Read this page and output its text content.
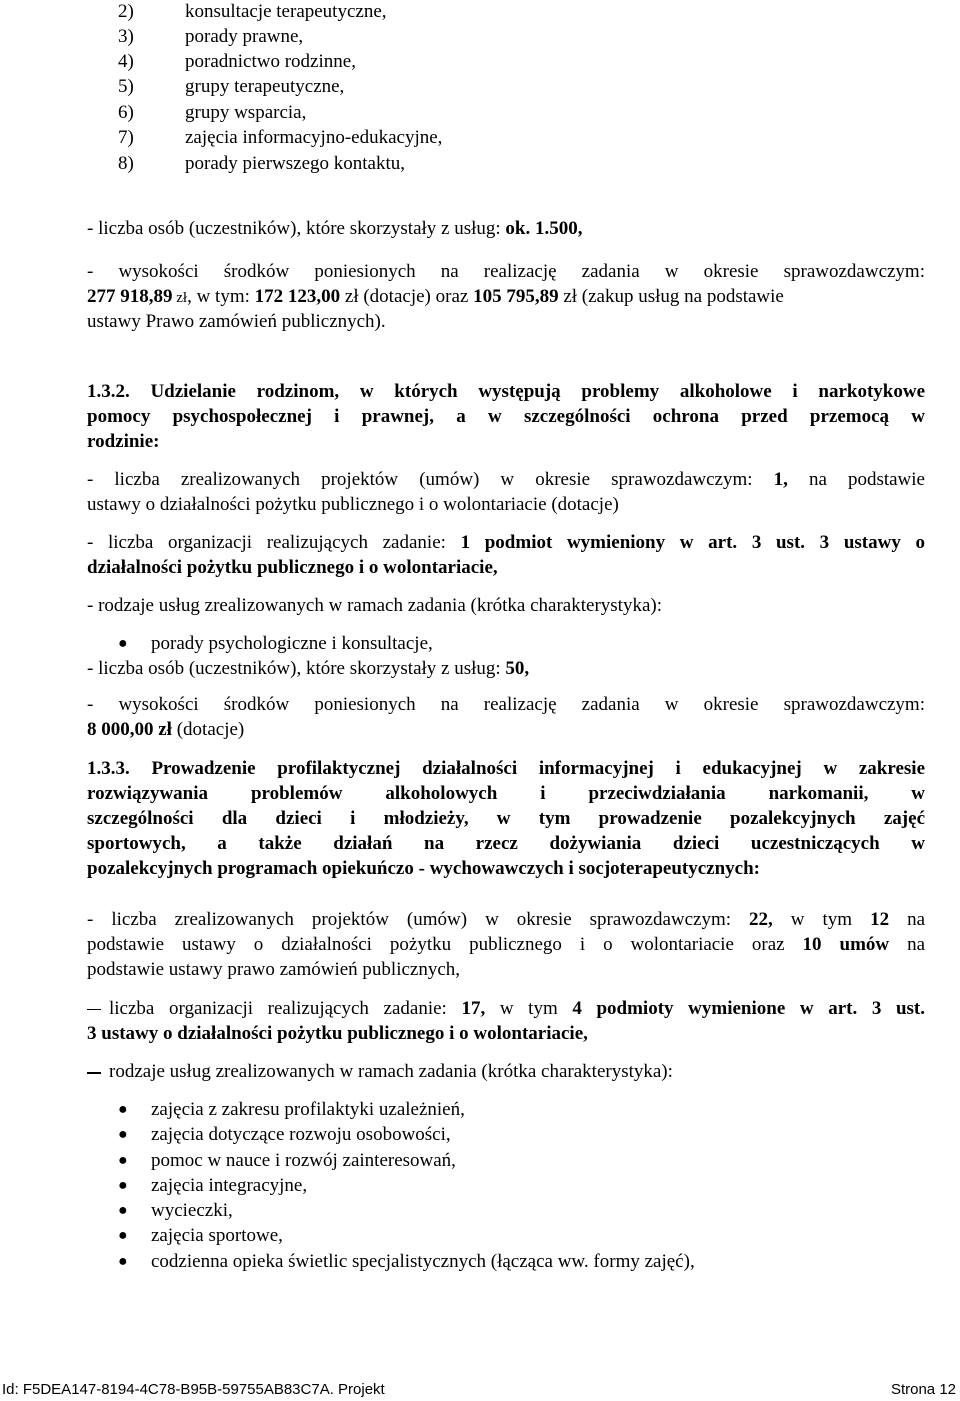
2)	konsultacje terapeutyczne,
3)	porady prawne,
4)	poradnictwo rodzinne,
5)	grupy terapeutyczne,
6)	grupy wsparcia,
7)	zajęcia informacyjno-edukacyjne,
8)	porady pierwszego kontaktu,
- liczba osób (uczestników), które skorzystały z usług: ok. 1.500,
- wysokości środków poniesionych na realizację zadania w okresie sprawozdawczym:
277 918,89 zł, w tym: 172 123,00 zł (dotacje) oraz 105 795,89 zł (zakup usług na podstawie
ustawy Prawo zamówień publicznych).
1.3.2. Udzielanie rodzinom, w których występują problemy alkoholowe i narkotykowe
pomocy psychospołecznej i prawnej, a w szczególności ochrona przed przemocą w
rodzinie:
- liczba zrealizowanych projektów (umów) w okresie sprawozdawczym: 1, na podstawie
ustawy o działalności pożytku publicznego i o wolontariacie (dotacje)
- liczba organizacji realizujących zadanie: 1 podmiot wymieniony w art. 3 ust. 3 ustawy o
działalności pożytku publicznego i o wolontariacie,
- rodzaje usług zrealizowanych w ramach zadania (krótka charakterystyka):
● porady psychologiczne i konsultacje,
- liczba osób (uczestników), które skorzystały z usług: 50,
- wysokości środków poniesionych na realizację zadania w okresie sprawozdawczym:
8 000,00 zł (dotacje)
1.3.3. Prowadzenie profilaktycznej działalności informacyjnej i edukacyjnej w zakresie
rozwiązywania problemów alkoholowych i przeciwdziałania narkomanii, w
szczególności dla dzieci i młodzieży, w tym prowadzenie pozalekcyjnych zajęć
sportowych, a także działań na rzecz dożywiania dzieci uczestniczących w
pozalekcyjnych programach opiekuńczo - wychowawczych i socjoterapeutycznych:
- liczba zrealizowanych projektów (umów) w okresie sprawozdawczym: 22, w tym 12 na
podstawie ustawy o działalności pożytku publicznego i o wolontariacie oraz 10 umów na
podstawie ustawy prawo zamówień publicznych,
liczba organizacji realizujących zadanie: 17, w tym 4 podmioty wymienione w art. 3 ust.
3 ustawy o działalności pożytku publicznego i o wolontariacie,
rodzaje usług zrealizowanych w ramach zadania (krótka charakterystyka):
● zajęcia z zakresu profilaktyki uzależnień,
● zajęcia dotyczące rozwoju osobowości,
● pomoc w nauce i rozwój zainteresowań,
● zajęcia integracyjne,
● wycieczki,
● zajęcia sportowe,
● codzienna opieka świetlic specjalistycznych (łącząca ww. formy zajęć),
Id: F5DEA147-8194-4C78-B95B-59755AB83C7A. Projekt	Strona 12
